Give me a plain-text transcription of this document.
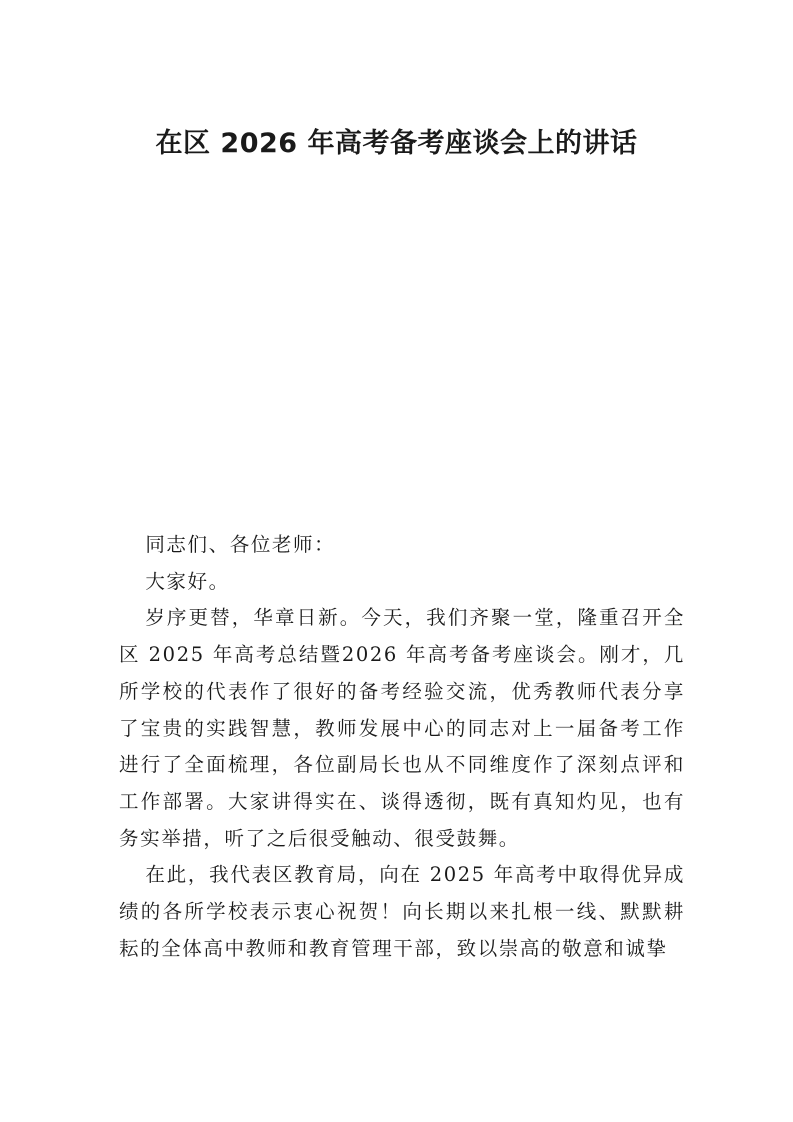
在区 2026 年高考备考座谈会上的讲话

同志们、各位老师：

大家好。

岁序更替，华章日新。今天，我们齐聚一堂，隆重召开全区 2025 年高考总结暨2026 年高考备考座谈会。刚才，几所学校的代表作了很好的备考经验交流，优秀教师代表分享了宝贵的实践智慧，教师发展中心的同志对上一届备考工作进行了全面梳理，各位副局长也从不同维度作了深刻点评和工作部署。大家讲得实在、谈得透彻，既有真知灼见，也有务实举措，听了之后很受触动、很受鼓舞。

在此，我代表区教育局，向在 2025 年高考中取得优异成绩的各所学校表示衷心祝贺！向长期以来扎根一线、默默耕耘的全体高中教师和教育管理干部，致以崇高的敬意和诚挚
